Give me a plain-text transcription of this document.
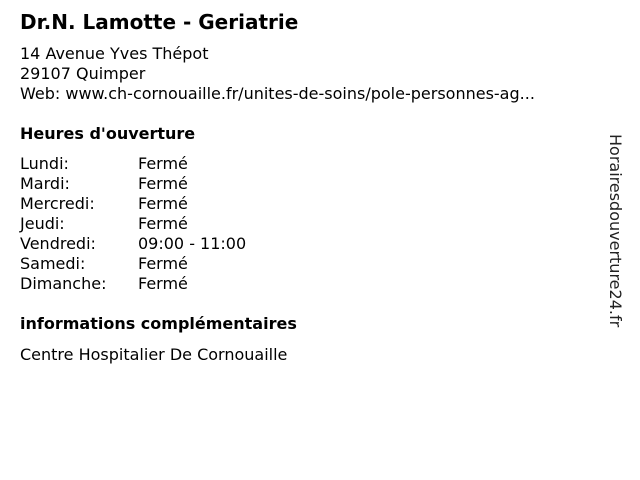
Dr.N. Lamotte - Geriatrie
14 Avenue Yves Thépot
29107 Quimper
Web: www.ch-cornouaille.fr/unites-de-soins/pole-personnes-ag...
Heures d'ouverture
Lundi:	Fermé
Mardi:	Fermé
Mercredi:	Fermé
Jeudi:	Fermé
Vendredi:	09:00 - 11:00
Samedi:	Fermé
Dimanche: Fermé
informations complémentaires
Centre Hospitalier De Cornouaille
Horairesdouverture24.fr
